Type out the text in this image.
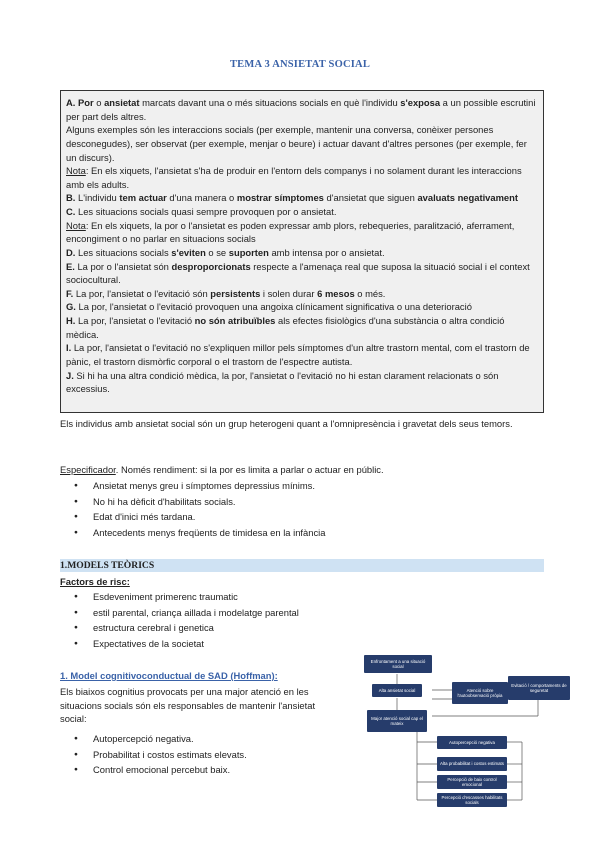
TEMA 3 ANSIETAT SOCIAL

A. Por o ansietat marcats davant una o més situacions socials en què l'individu s'exposa a un possible escrutini per part dels altres.

Alguns exemples són les interaccions socials (per exemple, mantenir una conversa, conèixer persones desconegudes), ser observat (per exemple, menjar o beure) i actuar davant d'altres persones (per exemple, fer un discurs).

Nota: En els xiquets, l'ansietat s'ha de produir en l'entorn dels companys i no solament durant les interaccions amb els adults.

B. L'individu tem actuar d'una manera o mostrar símptomes d'ansietat que siguen avaluats negativament

C. Les situacions socials quasi sempre provoquen por o ansietat.

Nota: En els xiquets, la por o l'ansietat es poden expressar amb plors, rebequeries, paralització, aferrament, encongiment o no parlar en situacions socials

D. Les situacions socials s'eviten o se suporten amb intensa por o ansietat.

E. La por o l'ansietat són desproporcionats respecte a l'amenaça real que suposa la situació social i el context sociocultural.

F. La por, l'ansietat o l'evitació són persistents i solen durar 6 mesos o més.

G. La por, l'ansietat o l'evitació provoquen una angoixa clínicament significativa o una deterioració

H. La por, l'ansietat o l'evitació no són atribuïbles als efectes fisiològics d'una substància o altra condició mèdica.

I. La por, l'ansietat o l'evitació no s'expliquen millor pels símptomes d'un altre trastorn mental, com el trastorn de pànic, el trastorn dismòrfic corporal o el trastorn de l'espectre autista.

J. Si hi ha una altra condició mèdica, la por, l'ansietat o l'evitació no hi estan clarament relacionats o són excessius.

Els individus amb ansietat social són un grup heterogeni quant a l'omnipresència i gravetat dels seus temors.

Especificador. Només rendiment: si la por es limita a parlar o actuar en públic.

● Ansietat menys greu i símptomes depressius mínims.
● No hi ha dèficit d'habilitats socials.
● Edat d'inici més tardana.
● Antecedents menys freqüents de timidesa en la infància
1.MODELS TEÒRICS
Factors de risc:
● Esdeveniment primerenc traumatic
● estil parental, criança aillada i modelatge parental
● estructura cerebral i genetica
● Expectatives de la societat
1. Model cognitivoconductual de SAD (Hoffman):

Els biaixos cognitius provocats per una major atenció en les situacions socials són els responsables de mantenir l'ansietat social:

● Autopercepció negativa.
● Probabilitat i costos estimats elevats.
● Control emocional percebut baix.
Enfrontament a una situació social
Alta ansietat social	Atenció sobre l'autoobservació pròpia
Evitació / comportaments de seguretat
Major atenció social cap el mateix
Autopercepció negativa
Alta probabilitat i costos estimats
Percepció de baix control emocional
Percepció d'escasses habilitats socials
